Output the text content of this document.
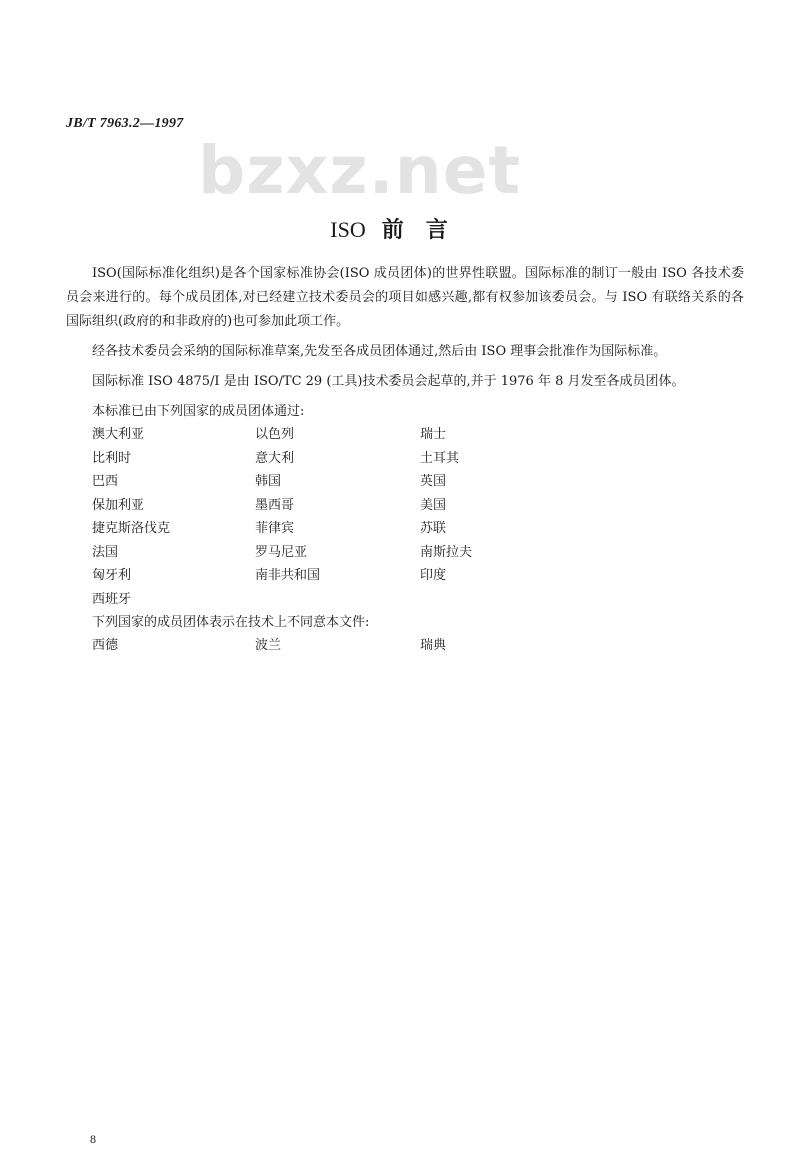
JB/T 7963.2—1997
bzxz.net
ISO 前言

ISO(国际标准化组织)是各个国家标准协会(ISO 成员团体)的世界性联盟。国际标准的制订一般由 ISO 各技术委员会来进行的。每个成员团体,对已经建立技术委员会的项目如感兴趣,都有权参加该委员会。与 ISO 有联络关系的各国际组织(政府的和非政府的)也可参加此项工作。

经各技术委员会采纳的国际标准草案,先发至各成员团体通过,然后由 ISO 理事会批准作为国际标准。

国际标准 ISO 4875/Ⅰ 是由 ISO/TC 29 (工具)技术委员会起草的,并于 1976 年 8 月发至各成员团体。

本标准已由下列国家的成员团体通过:

澳大利亚	以色列	瑞士
比利时	意大利	土耳其
巴西	韩国	英国
保加利亚	墨西哥	美国
捷克斯洛伐克	菲律宾	苏联
法国	罗马尼亚	南斯拉夫
匈牙利	南非共和国	印度
西班牙

下列国家的成员团体表示在技术上不同意本文件:

西德	波兰	瑞典
8
